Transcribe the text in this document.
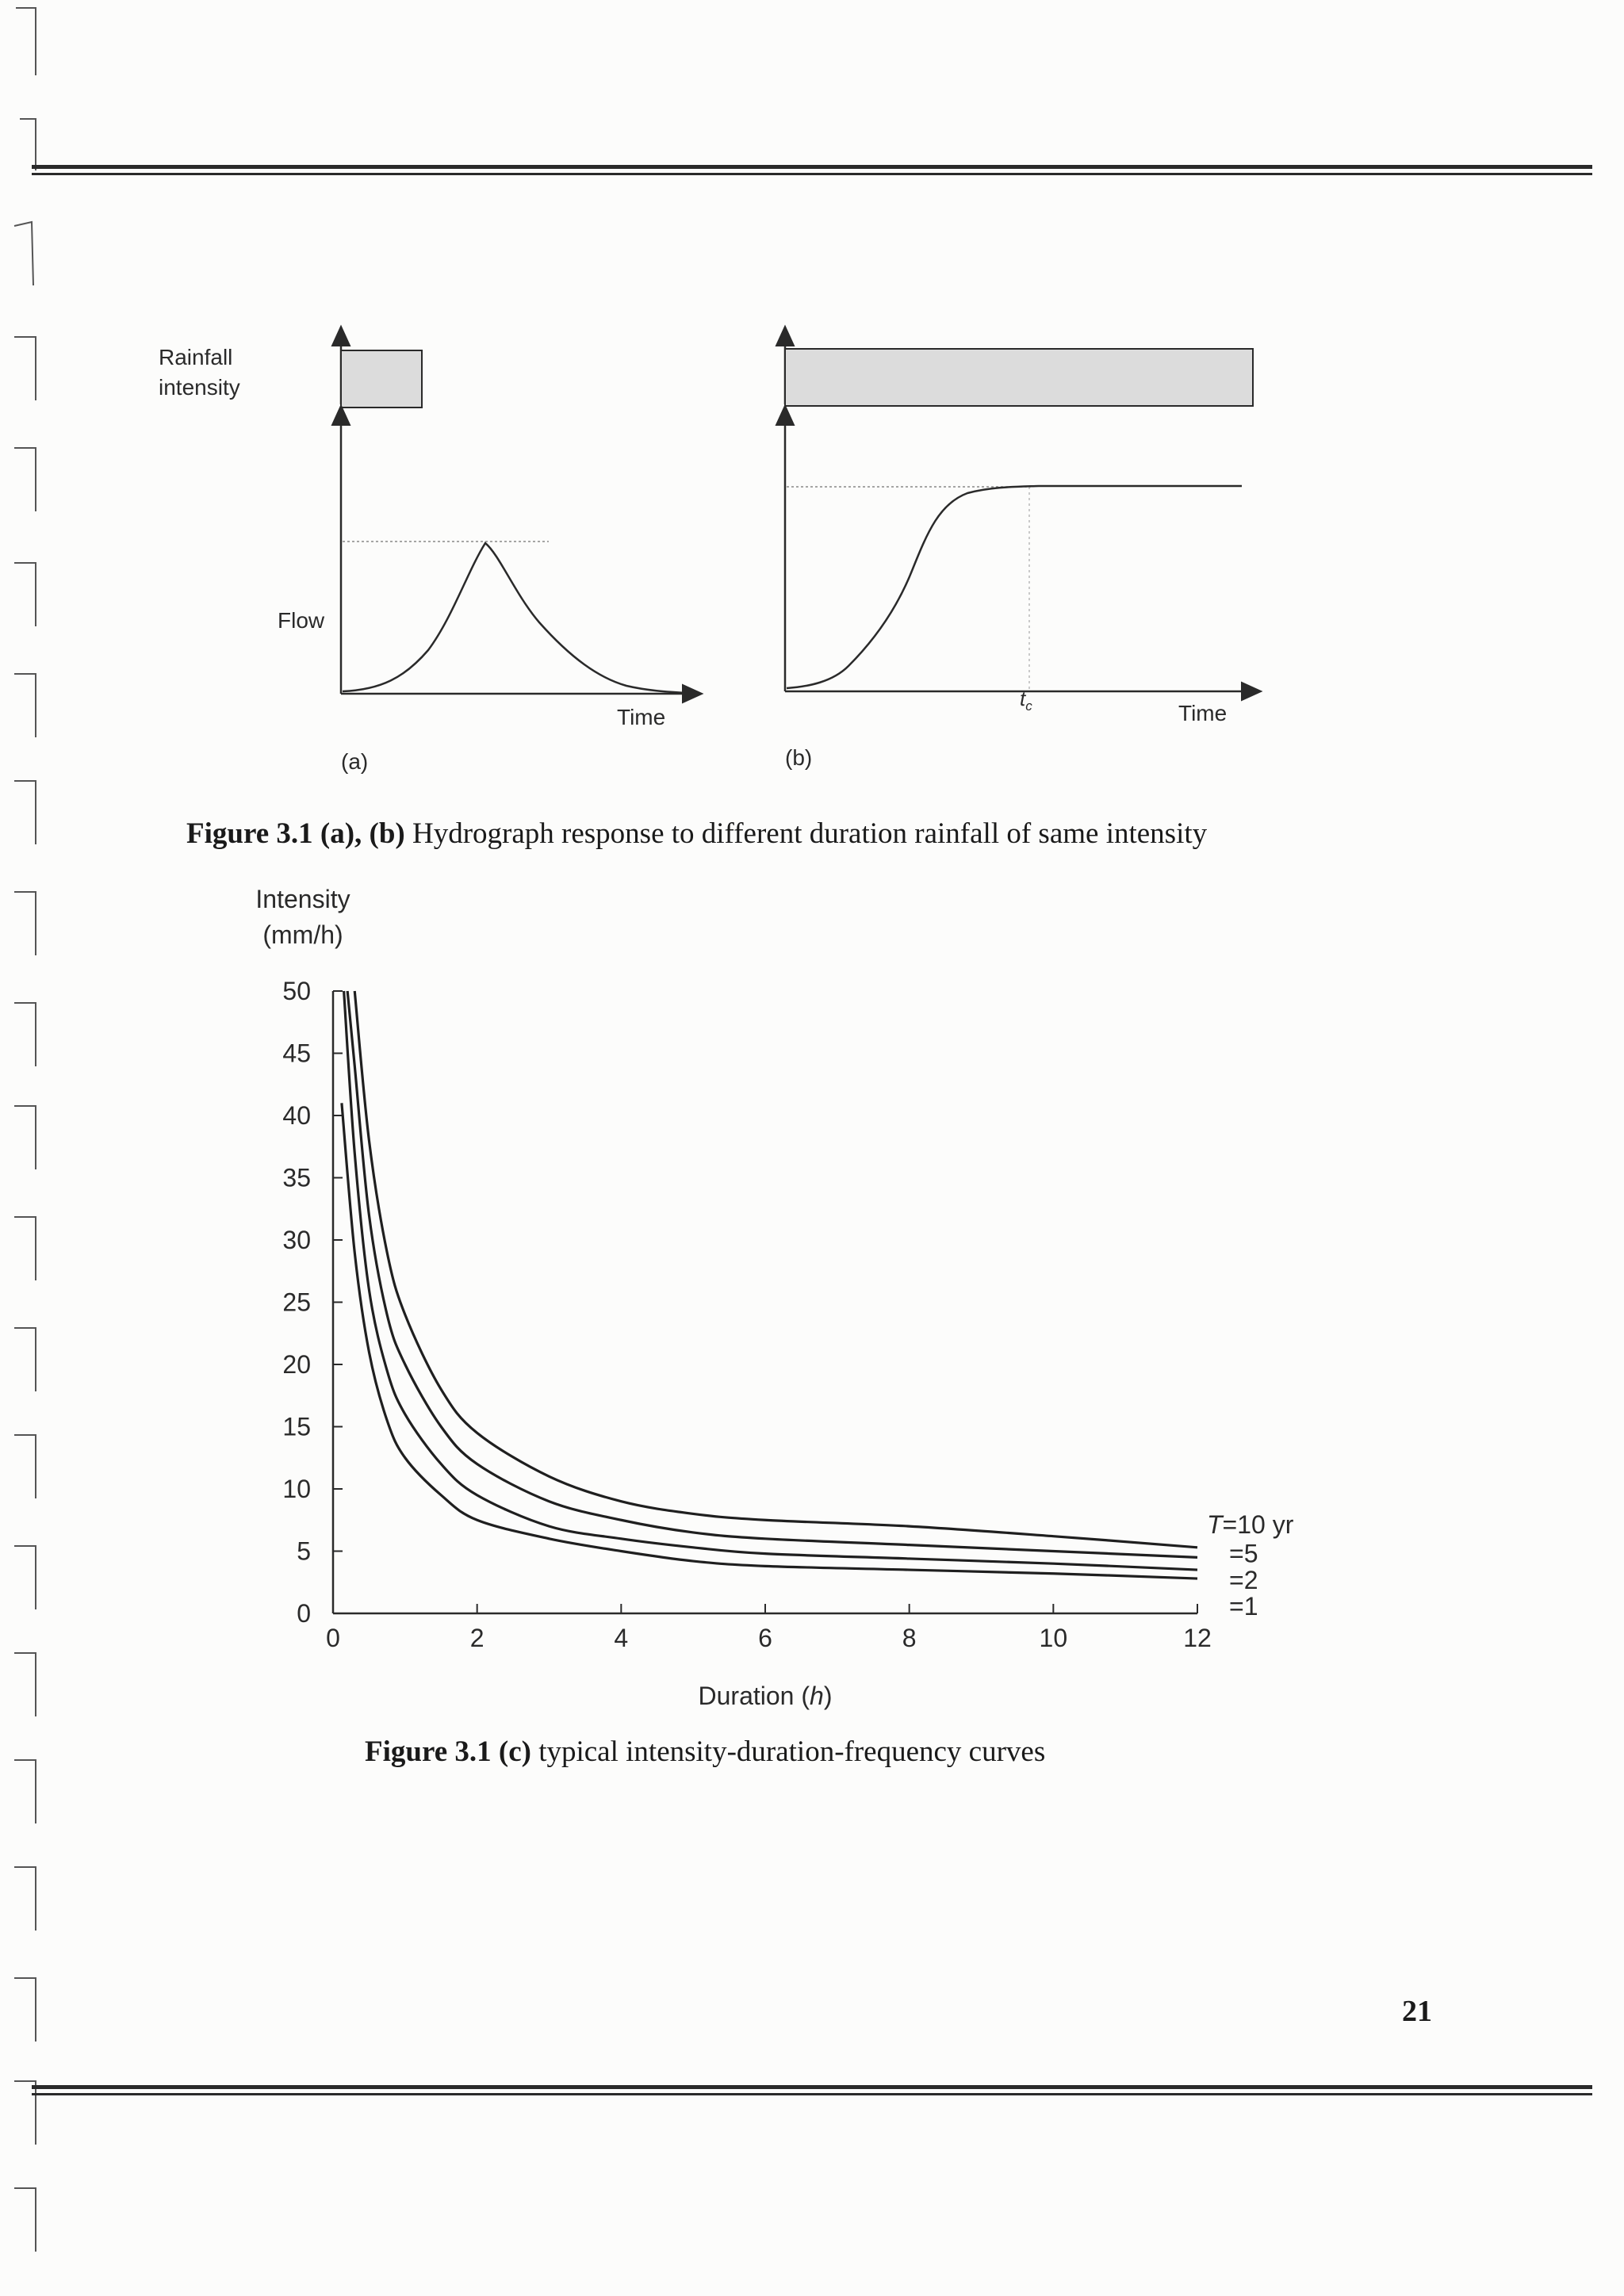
Rainfall
intensity
Flow
Time
(a)
$t_c$	Time
(b)
Figure 3.1 (a), (b) Hydrograph response to different duration rainfall of same intensity
0
5
10
15
20
25
30
35
40
45
50
0	2	4	6	8	10	12
Intensity
(mm/h)
Duration (h)
T=10 yr
=5
=2
=1
Figure 3.1 (c) typical intensity-duration-frequency curves
21
